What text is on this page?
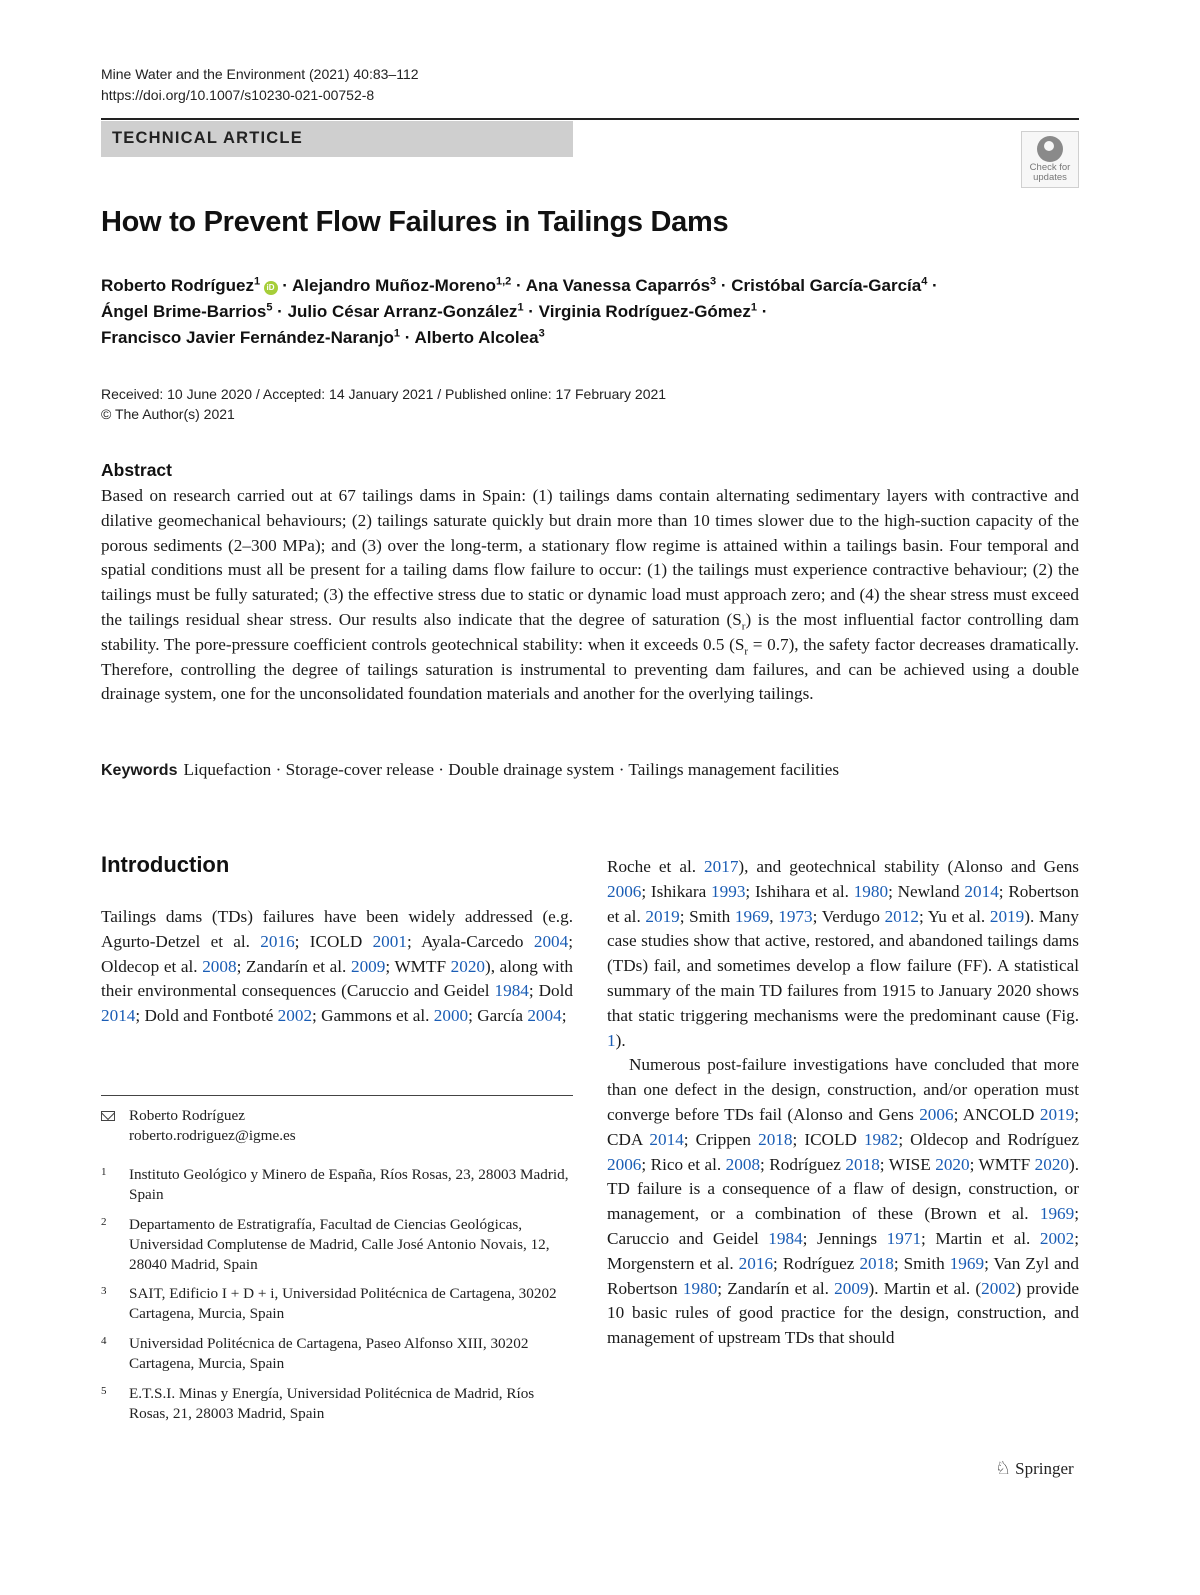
Mine Water and the Environment (2021) 40:83–112
https://doi.org/10.1007/s10230-021-00752-8
TECHNICAL ARTICLE
Check for
updates
How to Prevent Flow Failures in Tailings Dams
Roberto Rodríguez$^1$ iD · Alejandro Muñoz-Moreno$^{1,2}$ · Ana Vanessa Caparrós$^3$ · Cristóbal García-García$^4$ ·
Ángel Brime-Barrios$^5$ · Julio César Arranz-González$^1$ · Virginia Rodríguez-Gómez$^1$ ·
Francisco Javier Fernández-Naranjo$^1$ · Alberto Alcolea$^3$
Received: 10 June 2020 / Accepted: 14 January 2021 / Published online: 17 February 2021
© The Author(s) 2021
Abstract
Based on research carried out at 67 tailings dams in Spain: (1) tailings dams contain alternating sedimentary layers with contractive and dilative geomechanical behaviours; (2) tailings saturate quickly but drain more than 10 times slower due to the high-suction capacity of the porous sediments (2–300 MPa); and (3) over the long-term, a stationary flow regime is attained within a tailings basin. Four temporal and spatial conditions must all be present for a tailing dams flow failure to occur: (1) the tailings must experience contractive behaviour; (2) the tailings must be fully saturated; (3) the effective stress due to static or dynamic load must approach zero; and (4) the shear stress must exceed the tailings residual shear stress. Our results also indicate that the degree of saturation $(S_r)$ is the most influential factor controlling dam stability. The pore-pressure coefficient controls geotechnical stability: when it exceeds 0.5 $(S_r = 0.7)$, the safety factor decreases dramatically. Therefore, controlling the degree of tailings saturation is instrumental to preventing dam failures, and can be achieved using a double drainage system, one for the unconsolidated foundation materials and another for the overlying tailings.
Keywords Liquefaction · Storage-cover release · Double drainage system · Tailings management facilities
Introduction

Tailings dams (TDs) failures have been widely addressed (e.g. Agurto-Detzel et al. 2016; ICOLD 2001; Ayala-Carcedo 2004; Oldecop et al. 2008; Zandarín et al. 2009; WMTF 2020), along with their environmental consequences (Caruccio and Geidel 1984; Dold 2014; Dold and Fontboté 2002; Gammons et al. 2000; García 2004;

Roche et al. 2017), and geotechnical stability (Alonso and Gens 2006; Ishikara 1993; Ishihara et al. 1980; Newland 2014; Robertson et al. 2019; Smith 1969, 1973; Verdugo 2012; Yu et al. 2019). Many case studies show that active, restored, and abandoned tailings dams (TDs) fail, and sometimes develop a flow failure (FF). A statistical summary of the main TD failures from 1915 to January 2020 shows that static triggering mechanisms were the predominant cause (Fig. 1).

Numerous post-failure investigations have concluded that more than one defect in the design, construction, and/or operation must converge before TDs fail (Alonso and Gens 2006; ANCOLD 2019; CDA 2014; Crippen 2018; ICOLD 1982; Oldecop and Rodríguez 2006; Rico et al. 2008; Rodríguez 2018; WISE 2020; WMTF 2020). TD failure is a consequence of a flaw of design, construction, or management, or a combination of these (Brown et al. 1969; Caruccio and Geidel 1984; Jennings 1971; Martin et al. 2002; Morgenstern et al. 2016; Rodríguez 2018; Smith 1969; Van Zyl and Robertson 1980; Zandarín et al. 2009). Martin et al. (2002) provide 10 basic rules of good practice for the design, construction, and management of upstream TDs that should

Roberto Rodríguez
roberto.rodriguez@igme.es
1 Instituto Geológico y Minero de España, Ríos Rosas, 23, 28003 Madrid, Spain
2 Departamento de Estratigrafía, Facultad de Ciencias Geológicas, Universidad Complutense de Madrid, Calle José Antonio Novais, 12, 28040 Madrid, Spain
3 SAIT, Edificio I + D + i, Universidad Politécnica de Cartagena, 30202 Cartagena, Murcia, Spain
4 Universidad Politécnica de Cartagena, Paseo Alfonso XIII, 30202 Cartagena, Murcia, Spain
5 E.T.S.I. Minas y Energía, Universidad Politécnica de Madrid, Ríos Rosas, 21, 28003 Madrid, Spain
♘ Springer
